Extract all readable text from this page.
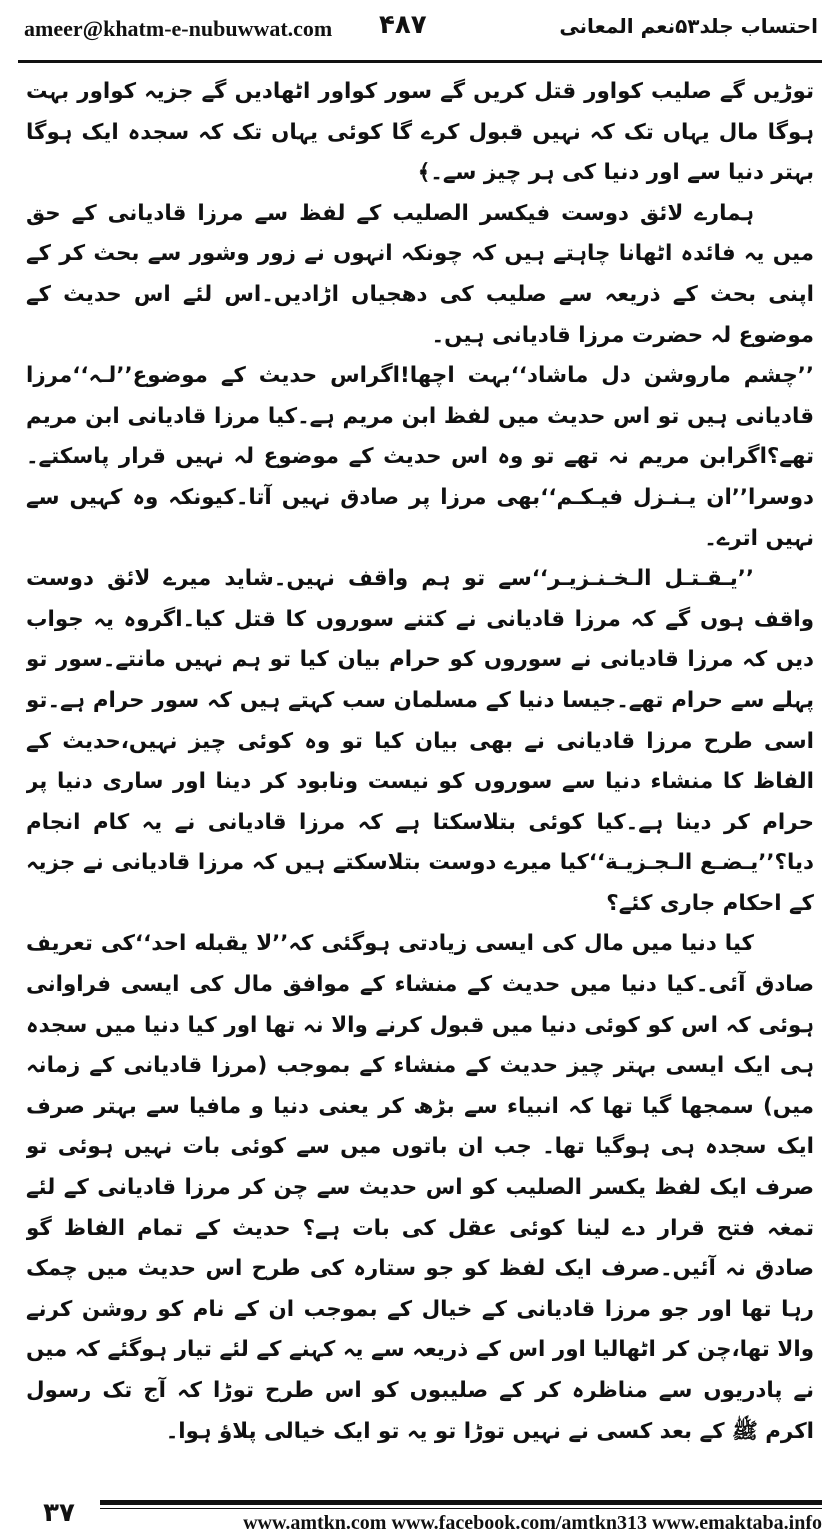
ameer@khatm-e-nubuwwat.com ۴۸۷	احتساب جلد۵۳نعم المعانی

توڑیں گے صلیب کواور قتل کریں گے سور کواور اٹھادیں گے جزیہ کواور بہت ہوگا مال یہاں تک کہ نہیں قبول کرے گا کوئی یہاں تک کہ سجدہ ایک ہوگا بہتر دنیا سے اور دنیا کی ہر چیز سے۔﴾

ہمارے لائق دوست فیکسر الصلیب کے لفظ سے مرزا قادیانی کے حق میں یہ فائدہ اٹھانا چاہتے ہیں کہ چونکہ انہوں نے زور وشور سے بحث کر کے اپنی بحث کے ذریعہ سے صلیب کی دھجیاں اڑادیں۔اس لئے اس حدیث کے موضوع لہ حضرت مرزا قادیانی ہیں۔

’’چشم ماروشن دل ماشاد‘‘بہت اچھا!اگراس حدیث کے موضوع’’لـہ‘‘مرزا قادیانی ہیں تو اس حدیث میں لفظ ابن مریم ہے۔کیا مرزا قادیانی ابن مریم تھے؟اگرابن مریم نہ تھے تو وہ اس حدیث کے موضوع لہ نہیں قرار پاسکتے۔دوسرا’’ان یـنـزل فیـکـم‘‘بھی مرزا پر صادق نہیں آتا۔کیونکہ وہ کہیں سے نہیں اترے۔

’’یـقـتـل الـخـنـزیـر‘‘سے تو ہم واقف نہیں۔شاید میرے لائق دوست واقف ہوں گے کہ مرزا قادیانی نے کتنے سوروں کا قتل کیا۔اگروہ یہ جواب دیں کہ مرزا قادیانی نے سوروں کو حرام بیان کیا تو ہم نہیں مانتے۔سور تو پہلے سے حرام تھے۔جیسا دنیا کے مسلمان سب کہتے ہیں کہ سور حرام ہے۔تو اسی طرح مرزا قادیانی نے بھی بیان کیا تو وہ کوئی چیز نہیں،حدیث کے الفاظ کا منشاء دنیا سے سوروں کو نیست ونابود کر دینا اور ساری دنیا پر حرام کر دینا ہے۔کیا کوئی بتلاسکتا ہے کہ مرزا قادیانی نے یہ کام انجام دیا؟’’یـضـع الـجـزیـة‘‘کیا میرے دوست بتلاسکتے ہیں کہ مرزا قادیانی نے جزیہ کے احکام جاری کئے؟

کیا دنیا میں مال کی ایسی زیادتی ہوگئی کہ’’لا یقبله احد‘‘کی تعریف صادق آئی۔کیا دنیا میں حدیث کے منشاء کے موافق مال کی ایسی فراوانی ہوئی کہ اس کو کوئی دنیا میں قبول کرنے والا نہ تھا اور کیا دنیا میں سجدہ ہی ایک ایسی بہتر چیز حدیث کے منشاء کے بموجب (مرزا قادیانی کے زمانہ میں) سمجھا گیا تھا کہ انبیاء سے بڑھ کر یعنی دنیا و مافیا سے بہتر صرف ایک سجدہ ہی ہوگیا تھا۔ جب ان باتوں میں سے کوئی بات نہیں ہوئی تو صرف ایک لفظ یکسر الصلیب کو اس حدیث سے چن کر مرزا قادیانی کے لئے تمغہ فتح قرار دے لینا کوئی عقل کی بات ہے؟ حدیث کے تمام الفاظ گو صادق نہ آئیں۔صرف ایک لفظ کو جو ستارہ کی طرح اس حدیث میں چمک رہا تھا اور جو مرزا قادیانی کے خیال کے بموجب ان کے نام کو روشن کرنے والا تھا،چن کر اٹھالیا اور اس کے ذریعہ سے یہ کہنے کے لئے تیار ہوگئے کہ میں نے پادریوں سے مناظرہ کر کے صلیبوں کو اس طرح توڑا کہ آج تک رسول اکرم ﷺ کے بعد کسی نے نہیں توڑا تو یہ تو ایک خیالی پلاؤ ہوا۔

۳۷	www.amtkn.com www.facebook.com/amtkn313 www.emaktaba.info
